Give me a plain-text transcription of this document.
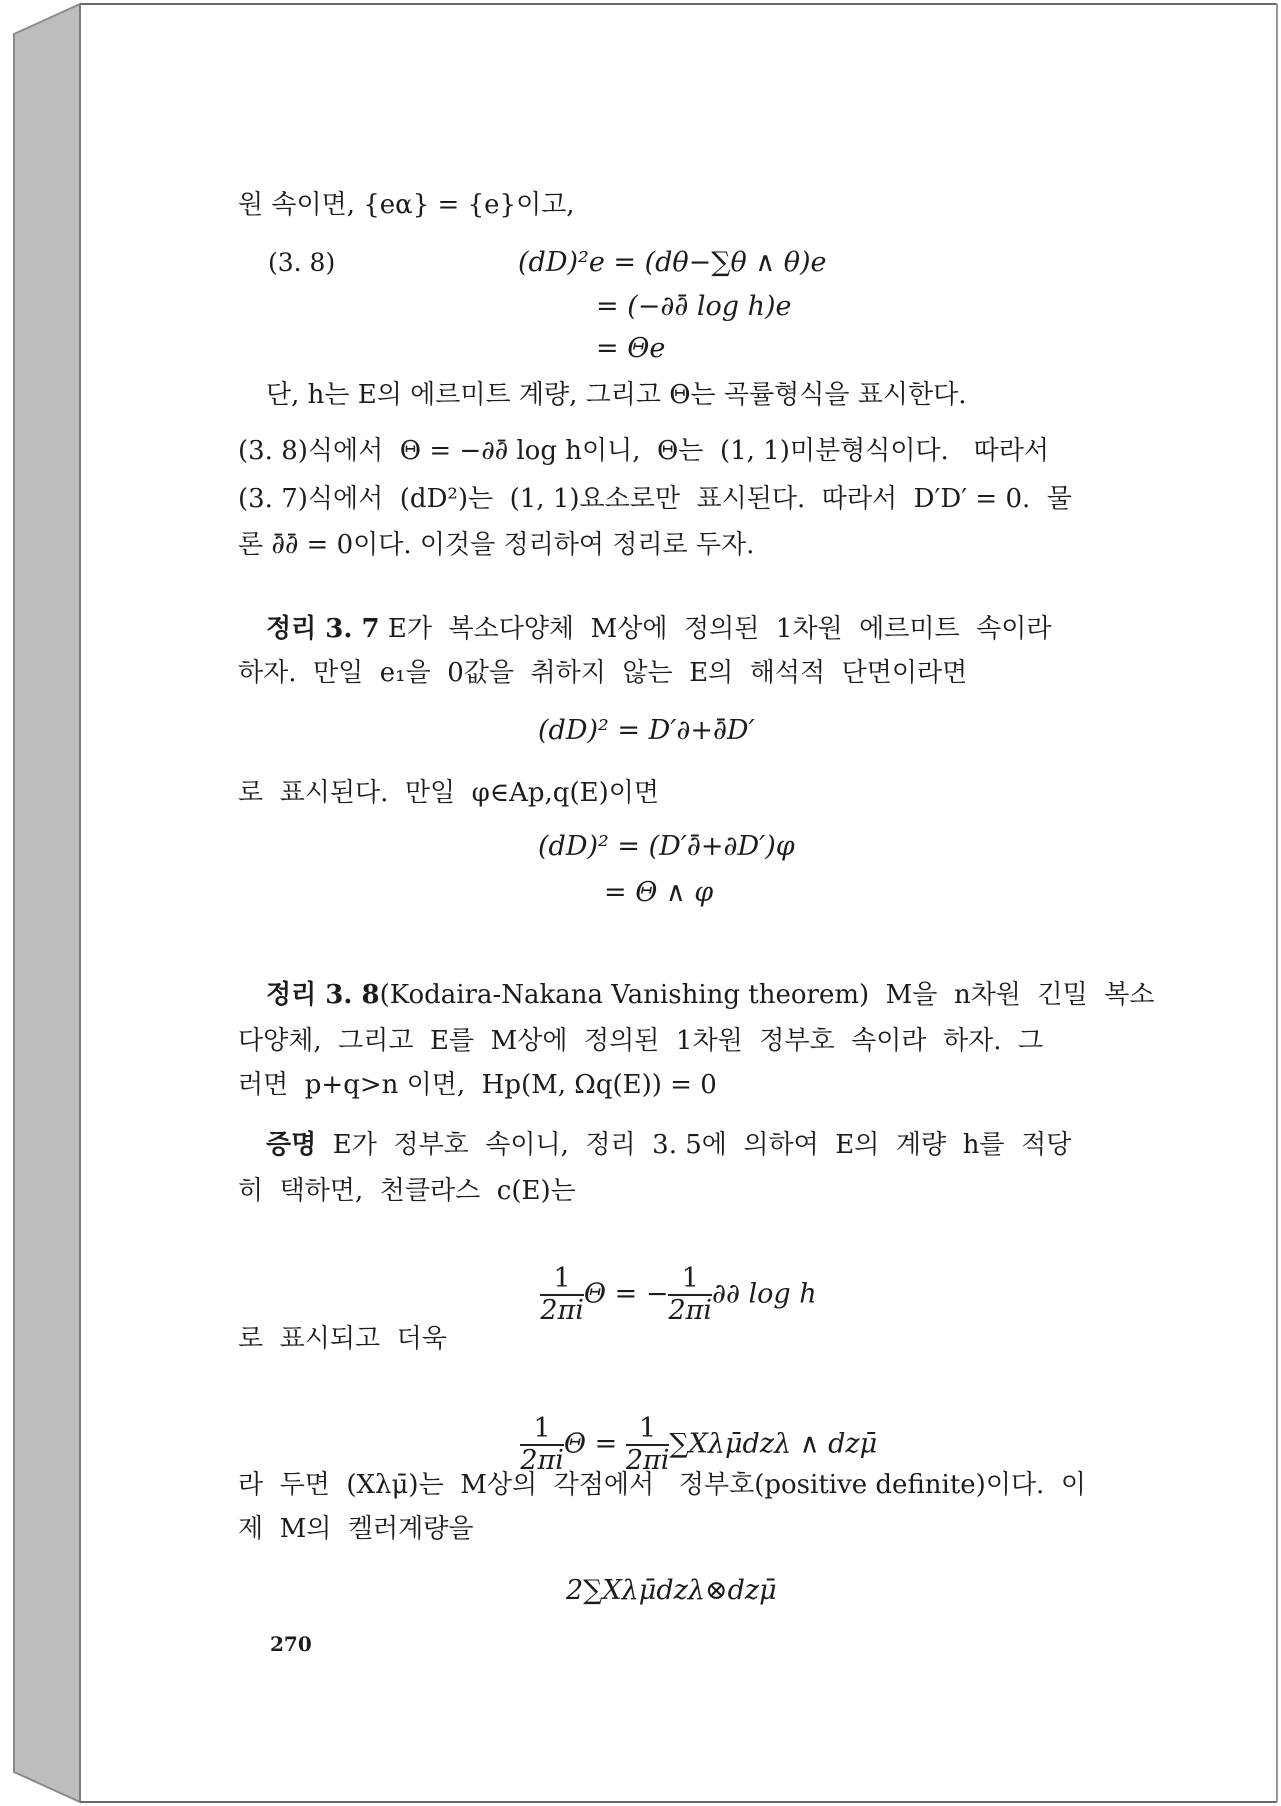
원 속이면, {eα} = {e}이고,
(3. 8)	(dD)²e = (dθ−∑θ ∧ θ)e
= (−∂∂̄ log h)e
= Θe
단, h는 E의 에르미트 계량, 그리고 Θ는 곡률형식을 표시한다.
(3. 8)식에서  Θ = −∂∂̄ log h이니,  Θ는  (1, 1)미분형식이다.   따라서
(3. 7)식에서  (dD²)는  (1, 1)요소로만  표시된다.  따라서  D′D′ = 0.  물
론 ∂̄∂̄ = 0이다. 이것을 정리하여 정리로 두자.
정리 3. 7 E가  복소다양체  M상에  정의된  1차원  에르미트  속이라
하자.  만일  e₁을  0값을  취하지  않는  E의  해석적  단면이라면
(dD)² = D′∂+∂̄D′
로  표시된다.  만일  φ∈Ap,q(E)이면
(dD)² = (D′∂̄+∂D′)φ
= Θ ∧ φ
정리 3. 8(Kodaira-Nakana Vanishing theorem)  M을  n차원  긴밀  복소
다양체,  그리고  E를  M상에  정의된  1차원  정부호  속이라  하자.  그
러면  p+q>n 이면,  Hp(M, Ωq(E)) = 0
증명  E가  정부호  속이니,  정리  3. 5에  의하여  E의  계량  h를  적당
히  택하면,  천클라스  c(E)는

$\frac{1}{2\pi i}$ Θ = − $\frac{1}{2\pi i}$ ∂∂ log h

로  표시되고  더욱

$\frac{1}{2\pi i}$ $\Theta = \frac{1}{2\pi i}$ ∑Xλμ̄dzλ ∧ dzμ̄

라  두면  (Xλμ̄)는  M상의  각점에서   정부호(positive definite)이다.  이
제  M의  켈러계량을
2∑Xλμ̄dzλ⊗dzμ̄
270
